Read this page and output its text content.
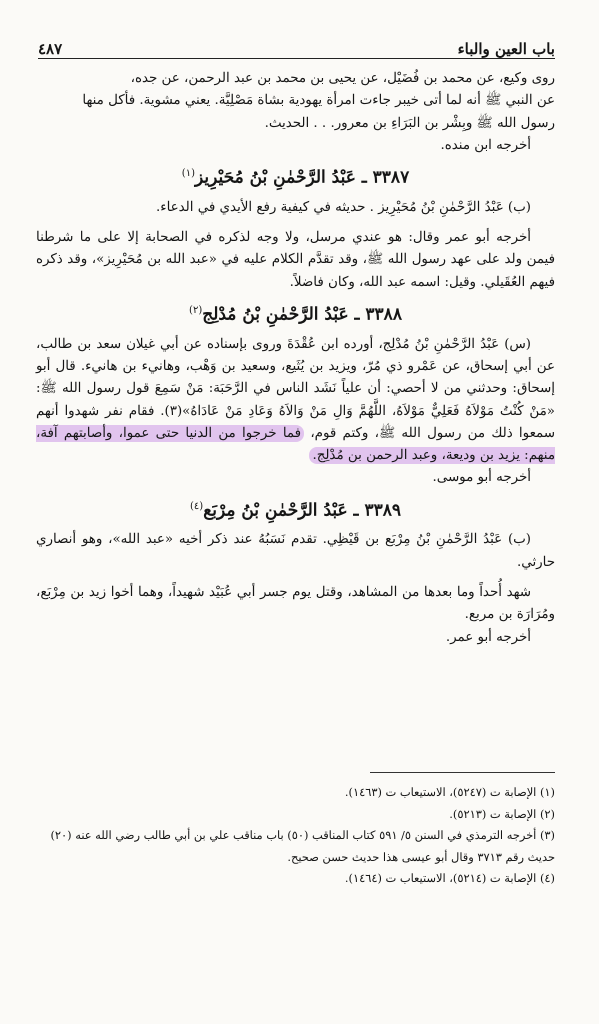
٤٨٧	باب العين والباء

روى وكيع، عن محمد بن فُضَيْل، عن يحيى بن محمد بن عبد الرحمن، عن جده،

عن النبي ﷺ أنه لما أتى خيبر جاءت امرأة يهودية بشاة مَصْلِيَّة. يعني مشوية. فأكل منها

رسول الله ﷺ وبِشْر بن البَرَاءِ بن معرور. . . الحديث.

أخرجه ابن منده.

٣٣٨٧ ـ عَبْدُ الرَّحْمٰنِ بْنُ مُحَيْرِيز$^{(١)}$

(ب) عَبْدُ الرَّحْمٰنِ بْنُ مُحَيْرِيز . حديثه في كيفية رفع الأيدي في الدعاء.

أخرجه أبو عمر وقال: هو عندي مرسل، ولا وجه لذكره في الصحابة إلا على ما شرطنا فيمن ولد على عهد رسول الله ﷺ، وقد تقدَّم الكلام عليه في «عبد الله بن مُحَيْرِيز»، وقد ذكره فيهم العُقَيلي. وقيل: اسمه عبد الله، وكان فاضلاً.

٣٣٨٨ ـ عَبْدُ الرَّحْمٰنِ بْنُ مُدْلِج$^{(٢)}$

(س) عَبْدُ الرَّحْمٰنِ بْنُ مُدْلِج، أورده ابن عُقْدَةَ وروى بإسناده عن أبي غيلان سعد بن طالب، عن أبي إسحاق، عن عَمْرو ذي مُرّ، ويزيد بن يُثَيع، وسعيد بن وَهْب، وهانيء بن هانيء. قال أبو إسحاق: وحدثني من لا أحصي: أن علياً نَشَد الناس في الرَّحَبَة: مَنْ سَمِعَ قول رسول الله ﷺ: «مَنْ كُنْتُ مَوْلاَهُ فَعَلِيٌّ مَوْلاَهُ، اللَّهُمَّ وَالِ مَنْ وَالاَهُ وَعَادِ مَنْ عَادَاهُ»(٣). فقام نفر شهدوا أنهم سمعوا ذلك من رسول الله ﷺ، وكتم قوم، فما خرجوا من الدنيا حتى عموا، وأصابتهم آفة، منهم: يزيد بن وديعة، وعبد الرحمن بن مُدْلِج.

أخرجه أبو موسى.

٣٣٨٩ ـ عَبْدُ الرَّحْمٰنِ بْنُ مِرْبَع$^{(٤)}$

(ب) عَبْدُ الرَّحْمٰنِ بْنُ مِرْبَع بن قَيْظِي. تقدم نَسَبُهُ عند ذكر أخيه «عبد الله»، وهو أنصاري حارثي.

شهد أُحداً وما بعدها من المشاهد، وقتل يوم جسر أبي عُبَيْد شهيداً، وهما أخوا زيد بن مِرْبَع، ومُرَارَة بن مربع.

أخرجه أبو عمر.

(١) الإصابة ت (٥٢٤٧)، الاستيعاب ت (١٤٦٣).

(٢) الإصابة ت (٥٢١٣).

(٣) أخرجه الترمذي في السنن ٥/ ٥٩١ كتاب المناقب (٥٠) باب مناقب علي بن أبي طالب رضي الله عنه (٢٠) حديث رقم ٣٧١٣ وقال أبو عيسى هذا حديث حسن صحيح.

(٤) الإصابة ت (٥٢١٤)، الاستيعاب ت (١٤٦٤).
